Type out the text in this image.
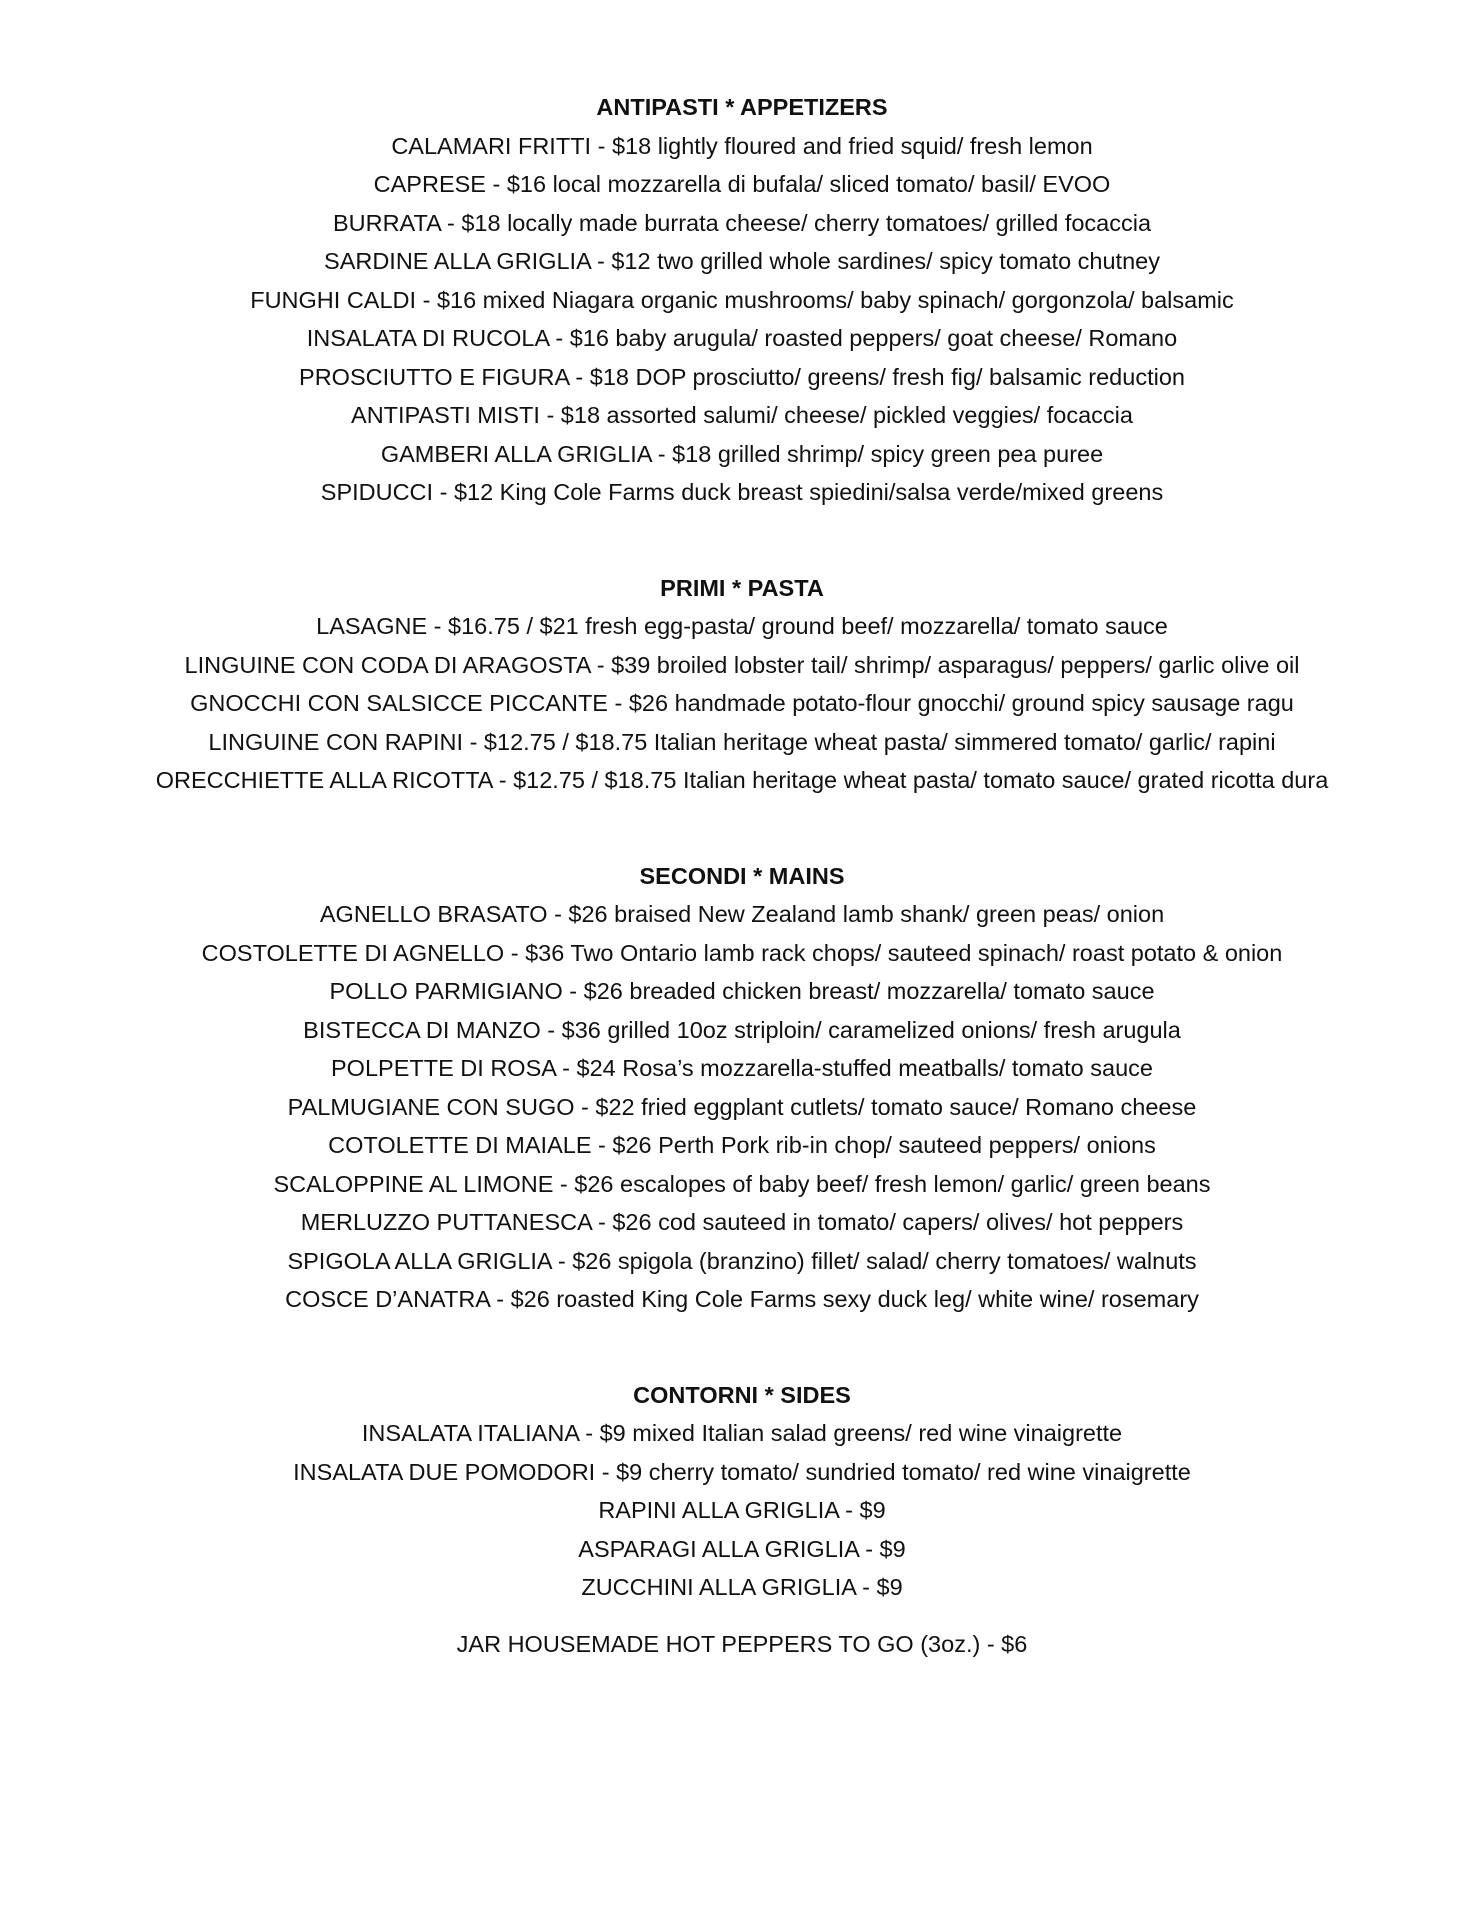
ANTIPASTI * APPETIZERS
CALAMARI FRITTI - $18 lightly floured and fried squid/ fresh lemon
CAPRESE - $16 local mozzarella di bufala/ sliced tomato/ basil/ EVOO
BURRATA - $18 locally made burrata cheese/ cherry tomatoes/ grilled focaccia
SARDINE ALLA GRIGLIA - $12 two grilled whole sardines/ spicy tomato chutney
FUNGHI CALDI - $16 mixed Niagara organic mushrooms/ baby spinach/ gorgonzola/ balsamic
INSALATA DI RUCOLA - $16 baby arugula/ roasted peppers/ goat cheese/ Romano
PROSCIUTTO E FIGURA - $18 DOP prosciutto/ greens/ fresh fig/ balsamic reduction
ANTIPASTI MISTI - $18 assorted salumi/ cheese/ pickled veggies/ focaccia
GAMBERI ALLA GRIGLIA - $18 grilled shrimp/ spicy green pea puree
SPIDUCCI - $12 King Cole Farms duck breast spiedini/salsa verde/mixed greens
PRIMI * PASTA
LASAGNE - $16.75 / $21 fresh egg-pasta/ ground beef/ mozzarella/ tomato sauce
LINGUINE CON CODA DI ARAGOSTA - $39 broiled lobster tail/ shrimp/ asparagus/ peppers/ garlic olive oil
GNOCCHI CON SALSICCE PICCANTE - $26 handmade potato-flour gnocchi/ ground spicy sausage ragu
LINGUINE CON RAPINI - $12.75 / $18.75 Italian heritage wheat pasta/ simmered tomato/ garlic/ rapini
ORECCHIETTE ALLA RICOTTA - $12.75 / $18.75 Italian heritage wheat pasta/ tomato sauce/ grated ricotta dura
SECONDI * MAINS
AGNELLO BRASATO - $26 braised New Zealand lamb shank/ green peas/ onion
COSTOLETTE DI AGNELLO - $36 Two Ontario lamb rack chops/ sauteed spinach/ roast potato & onion
POLLO PARMIGIANO - $26 breaded chicken breast/ mozzarella/ tomato sauce
BISTECCA DI MANZO - $36 grilled 10oz striploin/ caramelized onions/ fresh arugula
POLPETTE DI ROSA - $24 Rosa’s mozzarella-stuffed meatballs/ tomato sauce
PALMUGIANE CON SUGO - $22 fried eggplant cutlets/ tomato sauce/ Romano cheese
COTOLETTE DI MAIALE - $26 Perth Pork rib-in chop/ sauteed peppers/ onions
SCALOPPINE AL LIMONE - $26 escalopes of baby beef/ fresh lemon/ garlic/ green beans
MERLUZZO PUTTANESCA - $26 cod sauteed in tomato/ capers/ olives/ hot peppers
SPIGOLA ALLA GRIGLIA - $26 spigola (branzino) fillet/ salad/ cherry tomatoes/ walnuts
COSCE D’ANATRA - $26 roasted King Cole Farms sexy duck leg/ white wine/ rosemary
CONTORNI * SIDES
INSALATA ITALIANA - $9 mixed Italian salad greens/ red wine vinaigrette
INSALATA DUE POMODORI - $9 cherry tomato/ sundried tomato/ red wine vinaigrette
RAPINI ALLA GRIGLIA - $9
ASPARAGI ALLA GRIGLIA - $9
ZUCCHINI ALLA GRIGLIA - $9
JAR HOUSEMADE HOT PEPPERS TO GO (3oz.) - $6
